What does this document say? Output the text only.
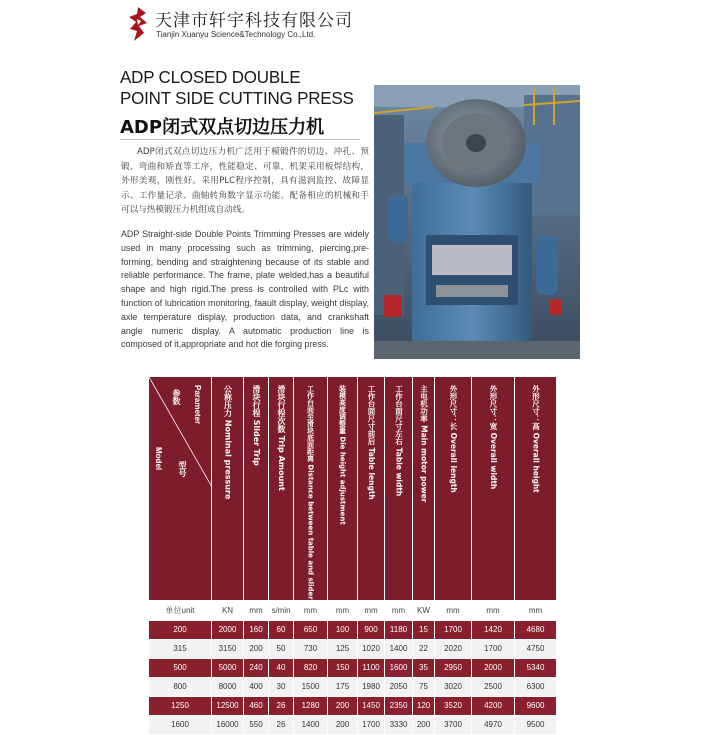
天津市轩宇科技有限公司
Tianjin Xuanyu Science&Technology Co.,Ltd.
ADP CLOSED DOUBLE
POINT SIDE CUTTING PRESS
ADP闭式双点切边压力机
ADP闭式双点切边压力机广泛用于模锻件的切边、冲孔、预锻、弯曲和矫直等工序，性能稳定、可靠，机架采用板焊结构，外形美观，刚性好。采用PLC程序控制，具有滋润监控、故障显示、工作量记录、曲轴转角数字显示功能。配备相应的机械和手可以与热模锻压力机组成自动线。
ADP Straight-side Double Points Trimming Presses are widely used in many processing such as trimming, piercing,pre-forming, bending and straightening because of its stable and reliable performance. The frame, plate welded,has a beautiful shape and high rigid.The press is controlled with PLc with function of lubrication monitoring, faault display, weight display, axle temperature display, production data, and crankshaft angle numeric display. A automatic production line is composed of it,appropriate and hot die forging press.
参数 Parameter
Model 型号	公称压力 Nominal pressure	滑块行程 Slider Trip	滑块行程次数 Trip Amount	工作台面至滑块底面距离 Distance between table and slider	装模高度调整量 Die height adjustment	工作台面尺寸前后 Table length	工作台面尺寸左右 Table width	主电机功率 Main motor power	外形尺寸：长 Overall length	外形尺寸：宽 Overall width	外形尺寸：高 Overall height

单位unit	KN	mm	s/min	mm	mm	mm	mm	KW	mm	mm	mm
200	2000	160	60	650	100	900	1180	15	1700	1420	4680
315	3150	200	50	730	125	1020	1400	22	2020	1700	4750
500	5000	240	40	820	150	1100	1600	35	2950	2000	5340
800	8000	400	30	1500	175	1980	2050	75	3020	2500	6300
1250	12500	460	26	1280	200	1450	2350	120	3520	4200	9600
1600	16000	550	26	1400	200	1700	3330	200	3700	4970	9500
